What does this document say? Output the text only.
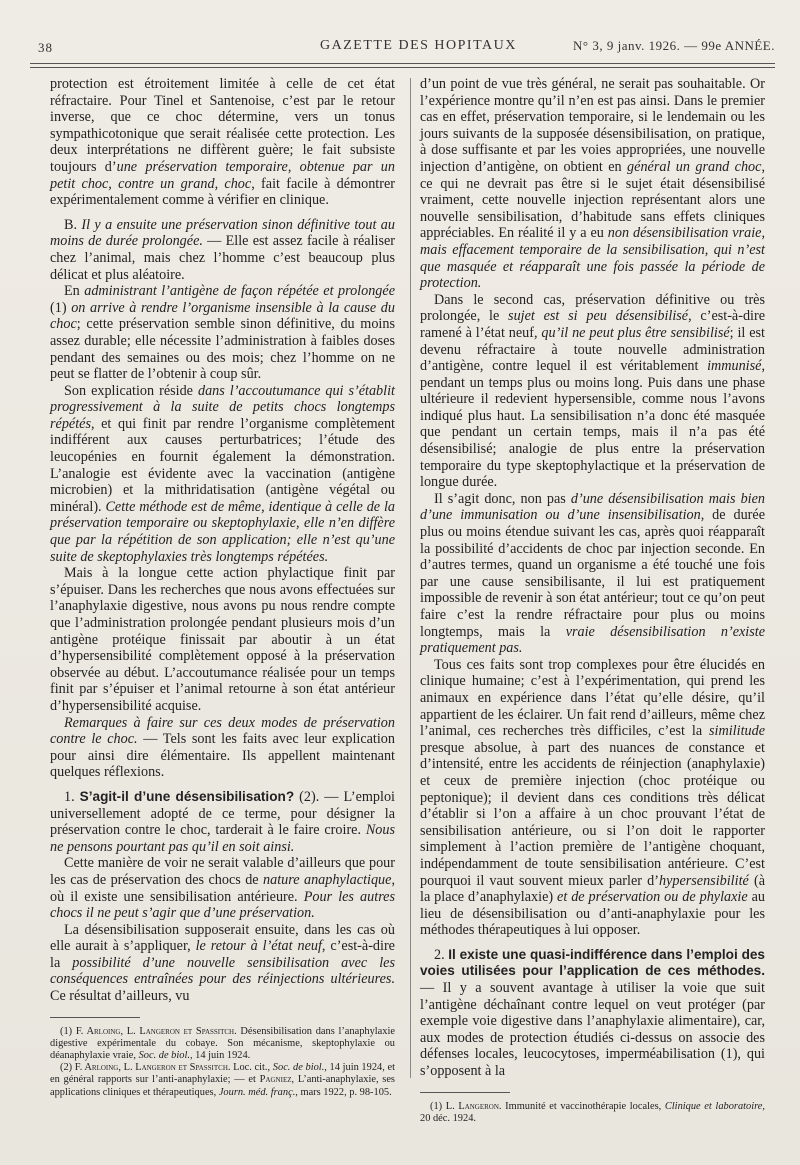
38	GAZETTE DES HOPITAUX	N° 3, 9 janv. 1926. — 99e ANNÉE.

protection est étroitement limitée à celle de cet état réfractaire. Pour Tinel et Santenoise, c’est par le retour inverse, que ce choc détermine, vers un tonus sympathicotonique que serait réalisée cette protection. Les deux interprétations ne diffèrent guère; le fait subsiste toujours d’une préservation temporaire, obtenue par un petit choc, contre un grand, choc, fait facile à démontrer expérimentalement comme à vérifier en clinique.

B. Il y a ensuite une préservation sinon définitive tout au moins de durée prolongée. — Elle est assez facile à réaliser chez l’animal, mais chez l’homme c’est beaucoup plus délicat et plus aléatoire.

En administrant l’antigène de façon répétée et prolongée (1) on arrive à rendre l’organisme insensible à la cause du choc; cette préservation semble sinon définitive, du moins assez durable; elle nécessite l’administration à faibles doses pendant des semaines ou des mois; chez l’homme on ne peut se flatter de l’obtenir à coup sûr.

Son explication réside dans l’accoutumance qui s’établit progressivement à la suite de petits chocs longtemps répétés, et qui finit par rendre l’organisme complètement indifférent aux causes perturbatrices; l’étude des leucopénies en fournit également la démonstration. L’analogie est évidente avec la vaccination (antigène microbien) et la mithridatisation (antigène végétal ou minéral). Cette méthode est de même, identique à celle de la préservation temporaire ou skeptophylaxie, elle n’en diffère que par la répétition de son application; elle n’est qu’une suite de skeptophylaxies très longtemps répétées.

Mais à la longue cette action phylactique finit par s’épuiser. Dans les recherches que nous avons effectuées sur l’anaphylaxie digestive, nous avons pu nous rendre compte que l’administration prolongée pendant plusieurs mois d’un antigène protéique finissait par aboutir à un état d’hypersensibilité complètement opposé à la préservation observée au début. L’accoutumance réalisée pour un temps finit par s’épuiser et l’animal retourne à son état antérieur d’hypersensibilité acquise.

Remarques à faire sur ces deux modes de préservation contre le choc. — Tels sont les faits avec leur explication pour ainsi dire élémentaire. Ils appellent maintenant quelques réflexions.

1. S’agit-il d’une désensibilisation? (2). — L’emploi universellement adopté de ce terme, pour désigner la préservation contre le choc, tarderait à le faire croire. Nous ne pensons pourtant pas qu’il en soit ainsi.

Cette manière de voir ne serait valable d’ailleurs que pour les cas de préservation des chocs de nature anaphylactique, où il existe une sensibilisation antérieure. Pour les autres chocs il ne peut s’agir que d’une préservation.

La désensibilisation supposerait ensuite, dans les cas où elle aurait à s’appliquer, le retour à l’état neuf, c’est-à-dire la possibilité d’une nouvelle sensibilisation avec les conséquences entraînées pour des réinjections ultérieures. Ce résultat d’ailleurs, vu

(1) F. Arloing, L. Langeron et Spassitch. Désensibilisation dans l’anaphylaxie digestive expérimentale du cobaye. Son mécanisme, skeptophylaxie ou déanaphylaxie vraie, Soc. de biol., 14 juin 1924.

(2) F. Arloing, L. Langeron et Spassitch. Loc. cit., Soc. de biol., 14 juin 1924, et en général rapports sur l’anti-anaphylaxie; — et Pagniez, L’anti-anaphylaxie, ses applications cliniques et thérapeutiques, Journ. méd. franç., mars 1922, p. 98-105.

d’un point de vue très général, ne serait pas souhaitable. Or l’expérience montre qu’il n’en est pas ainsi. Dans le premier cas en effet, préservation temporaire, si le lendemain ou les jours suivants de la supposée désensibilisation, on pratique, à dose suffisante et par les voies appropriées, une nouvelle injection d’antigène, on obtient en général un grand choc, ce qui ne devrait pas être si le sujet était désensibilisé vraiment, cette nouvelle injection représentant alors une nouvelle sensibilisation, d’habitude sans effets cliniques appréciables. En réalité il y a eu non désensibilisation vraie, mais effacement temporaire de la sensibilisation, qui n’est que masquée et réapparaît une fois passée la période de protection.

Dans le second cas, préservation définitive ou très prolongée, le sujet est si peu désensibilisé, c’est-à-dire ramené à l’état neuf, qu’il ne peut plus être sensibilisé; il est devenu réfractaire à toute nouvelle administration d’antigène, contre lequel il est véritablement immunisé, pendant un temps plus ou moins long. Puis dans une phase ultérieure il redevient hypersensible, comme nous l’avons indiqué plus haut. La sensibilisation n’a donc été masquée que pendant un certain temps, mais il n’a pas été désensibilisé; analogie de plus entre la préservation temporaire du type skeptophylactique et la préservation de longue durée.

Il s’agit donc, non pas d’une désensibilisation mais bien d’une immunisation ou d’une insensibilisation, de durée plus ou moins étendue suivant les cas, après quoi réapparaît la possibilité d’accidents de choc par injection seconde. En d’autres termes, quand un organisme a été touché une fois par une cause sensibilisante, il lui est pratiquement impossible de revenir à son état antérieur; tout ce qu’on peut faire c’est la rendre réfractaire pour plus ou moins longtemps, mais la vraie désensibilisation n’existe pratiquement pas.

Tous ces faits sont trop complexes pour être élucidés en clinique humaine; c’est à l’expérimentation, qui prend les animaux en expérience dans l’état qu’elle désire, qu’il appartient de les éclairer. Un fait rend d’ailleurs, même chez l’animal, ces recherches très difficiles, c’est la similitude presque absolue, à part des nuances de constance et d’intensité, entre les accidents de réinjection (anaphylaxie) et ceux de première injection (choc protéique ou peptonique); il devient dans ces conditions très délicat d’établir si l’on a affaire à un choc prouvant l’état de sensibilisation antérieure, ou si l’on doit le rapporter simplement à l’action première de l’antigène choquant, indépendamment de toute sensibilisation antérieure. C’est pourquoi il vaut souvent mieux parler d’hypersensibilité (à la place d’anaphylaxie) et de préservation ou de phylaxie au lieu de désensibilisation ou d’anti-anaphylaxie pour les méthodes thérapeutiques à lui opposer.

2. Il existe une quasi-indifférence dans l’emploi des voies utilisées pour l’application de ces méthodes. — Il y a souvent avantage à utiliser la voie que suit l’antigène déchaînant contre lequel on veut protéger (par exemple voie digestive dans l’anaphylaxie alimentaire), car, aux modes de protection étudiés ci-dessus on associe des défenses locales, leucocytoses, imperméabilisation (1), qui s’opposent à la

(1) L. Langeron. Immunité et vaccinothérapie locales, Clinique et laboratoire, 20 déc. 1924.
